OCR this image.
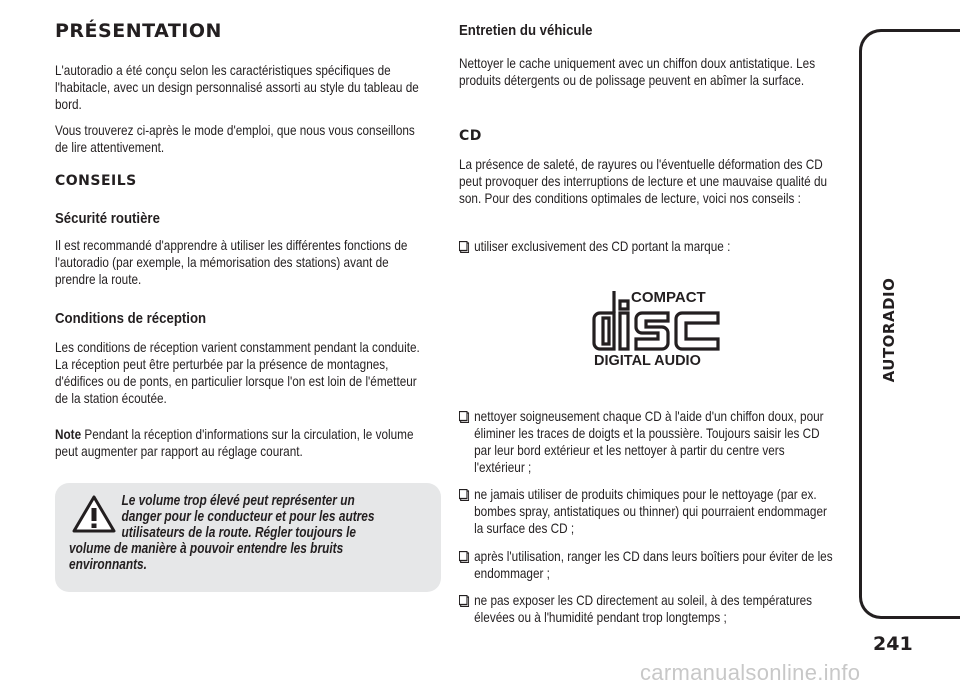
PRÉSENTATION
L'autoradio a été conçu selon les caractéristiques spécifiques de l'habitacle, avec un design personnalisé assorti au style du tableau de bord.
Vous trouverez ci-après le mode d'emploi, que nous vous conseillons de lire attentivement.
CONSEILS
Sécurité routière
Il est recommandé d'apprendre à utiliser les différentes fonctions de l'autoradio (par exemple, la mémorisation des stations) avant de prendre la route.
Conditions de réception
Les conditions de réception varient constamment pendant la conduite. La réception peut être perturbée par la présence de montagnes, d'édifices ou de ponts, en particulier lorsque l'on est loin de l'émetteur de la station écoutée.
Note Pendant la réception d'informations sur la circulation, le volume peut augmenter par rapport au réglage courant.
Le volume trop élevé peut représenter un
danger pour le conducteur et pour les autres
utilisateurs de la route. Régler toujours le
volume de manière à pouvoir entendre les bruits
environnants.
Entretien du véhicule
Nettoyer le cache uniquement avec un chiffon doux antistatique. Les produits détergents ou de polissage peuvent en abîmer la surface.
CD
La présence de saleté, de rayures ou l'éventuelle déformation des CD peut provoquer des interruptions de lecture et une mauvaise qualité du son. Pour des conditions optimales de lecture, voici nos conseils :
utiliser exclusivement des CD portant la marque :
nettoyer soigneusement chaque CD à l'aide d'un chiffon doux, pour éliminer les traces de doigts et la poussière. Toujours saisir les CD par leur bord extérieur et les nettoyer à partir du centre vers l'extérieur ;
ne jamais utiliser de produits chimiques pour le nettoyage (par ex. bombes spray, antistatiques ou thinner) qui pourraient endommager la surface des CD ;
après l'utilisation, ranger les CD dans leurs boîtiers pour éviter de les endommager ;
ne pas exposer les CD directement au soleil, à des températures élevées ou à l'humidité pendant trop longtemps ;
COMPACT
DIGITAL AUDIO	AUTORADIO
241
carmanualsonline.info
